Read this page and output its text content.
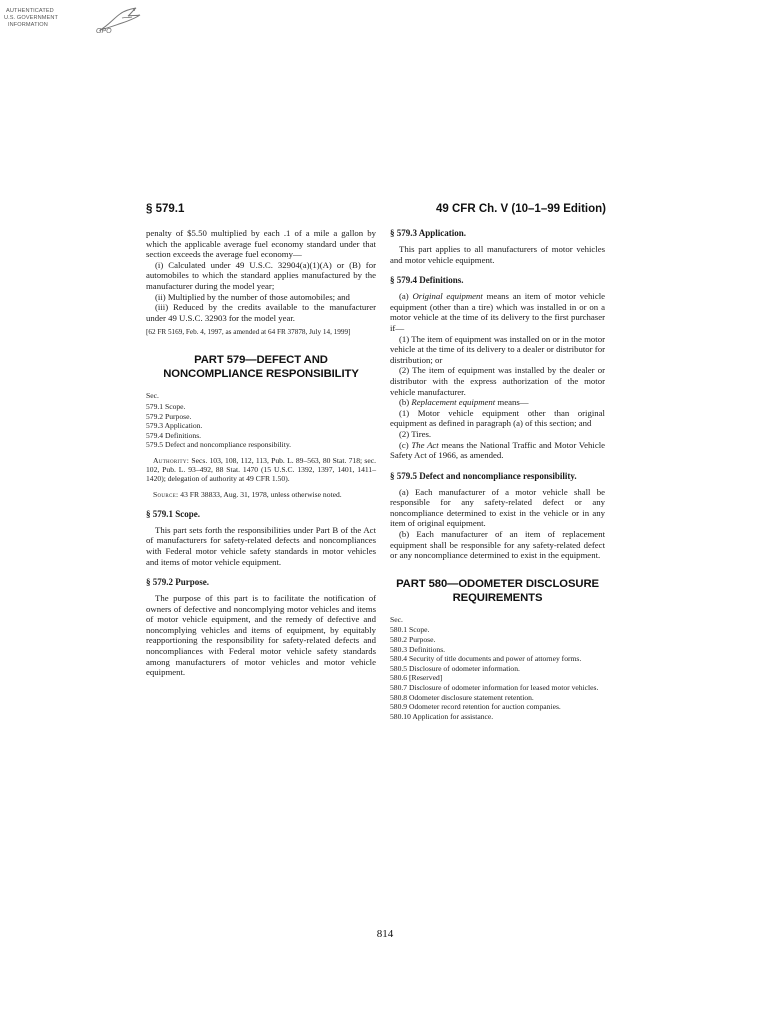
AUTHENTICATED
U.S. GOVERNMENT
INFORMATION
GPO
§ 579.1	49 CFR Ch. V (10–1–99 Edition)

penalty of $5.50 multiplied by each .1 of a mile a gallon by which the applicable average fuel economy standard under that section exceeds the average fuel economy—

(i) Calculated under 49 U.S.C. 32904(a)(1)(A) or (B) for automobiles to which the standard applies manufactured by the manufacturer during the model year;

(ii) Multiplied by the number of those automobiles; and

(iii) Reduced by the credits available to the manufacturer under 49 U.S.C. 32903 for the model year.

[62 FR 5169, Feb. 4, 1997, as amended at 64 FR 37878, July 14, 1999]
PART 579—DEFECT AND NONCOMPLIANCE RESPONSIBILITY
Sec.
579.1 Scope.
579.2 Purpose.
579.3 Application.
579.4 Definitions.
579.5 Defect and noncompliance responsibility.
Authority: Secs. 103, 108, 112, 113, Pub. L. 89–563, 80 Stat. 718; sec. 102, Pub. L. 93–492, 88 Stat. 1470 (15 U.S.C. 1392, 1397, 1401, 1411–1420); delegation of authority at 49 CFR 1.50).
Source: 43 FR 38833, Aug. 31, 1978, unless otherwise noted.
§ 579.1 Scope.

This part sets forth the responsibilities under Part B of the Act of manufacturers for safety-related defects and noncompliances with Federal motor vehicle safety standards in motor vehicles and items of motor vehicle equipment.

§ 579.2 Purpose.

The purpose of this part is to facilitate the notification of owners of defective and noncomplying motor vehicles and items of motor vehicle equipment, and the remedy of defective and noncomplying vehicles and items of equipment, by equitably reapportioning the responsibility for safety-related defects and noncompliances with Federal motor vehicle safety standards among manufacturers of motor vehicles and motor vehicle equipment.

§ 579.3 Application.

This part applies to all manufacturers of motor vehicles and motor vehicle equipment.

§ 579.4 Definitions.

(a) Original equipment means an item of motor vehicle equipment (other than a tire) which was installed in or on a motor vehicle at the time of its delivery to the first purchaser if—

(1) The item of equipment was installed on or in the motor vehicle at the time of its delivery to a dealer or distributor for distribution; or

(2) The item of equipment was installed by the dealer or distributor with the express authorization of the motor vehicle manufacturer.

(b) Replacement equipment means—

(1) Motor vehicle equipment other than original equipment as defined in paragraph (a) of this section; and

(2) Tires.

(c) The Act means the National Traffic and Motor Vehicle Safety Act of 1966, as amended.

§ 579.5 Defect and noncompliance responsibility.

(a) Each manufacturer of a motor vehicle shall be responsible for any safety-related defect or any noncompliance determined to exist in the vehicle or in any item of original equipment.

(b) Each manufacturer of an item of replacement equipment shall be responsible for any safety-related defect or any noncompliance determined to exist in the equipment.

PART 580—ODOMETER DISCLOSURE REQUIREMENTS
Sec.
580.1 Scope.
580.2 Purpose.
580.3 Definitions.
580.4 Security of title documents and power of attorney forms.
580.5 Disclosure of odometer information.
580.6 [Reserved]
580.7 Disclosure of odometer information for leased motor vehicles.
580.8 Odometer disclosure statement retention.
580.9 Odometer record retention for auction companies.
580.10 Application for assistance.
814
